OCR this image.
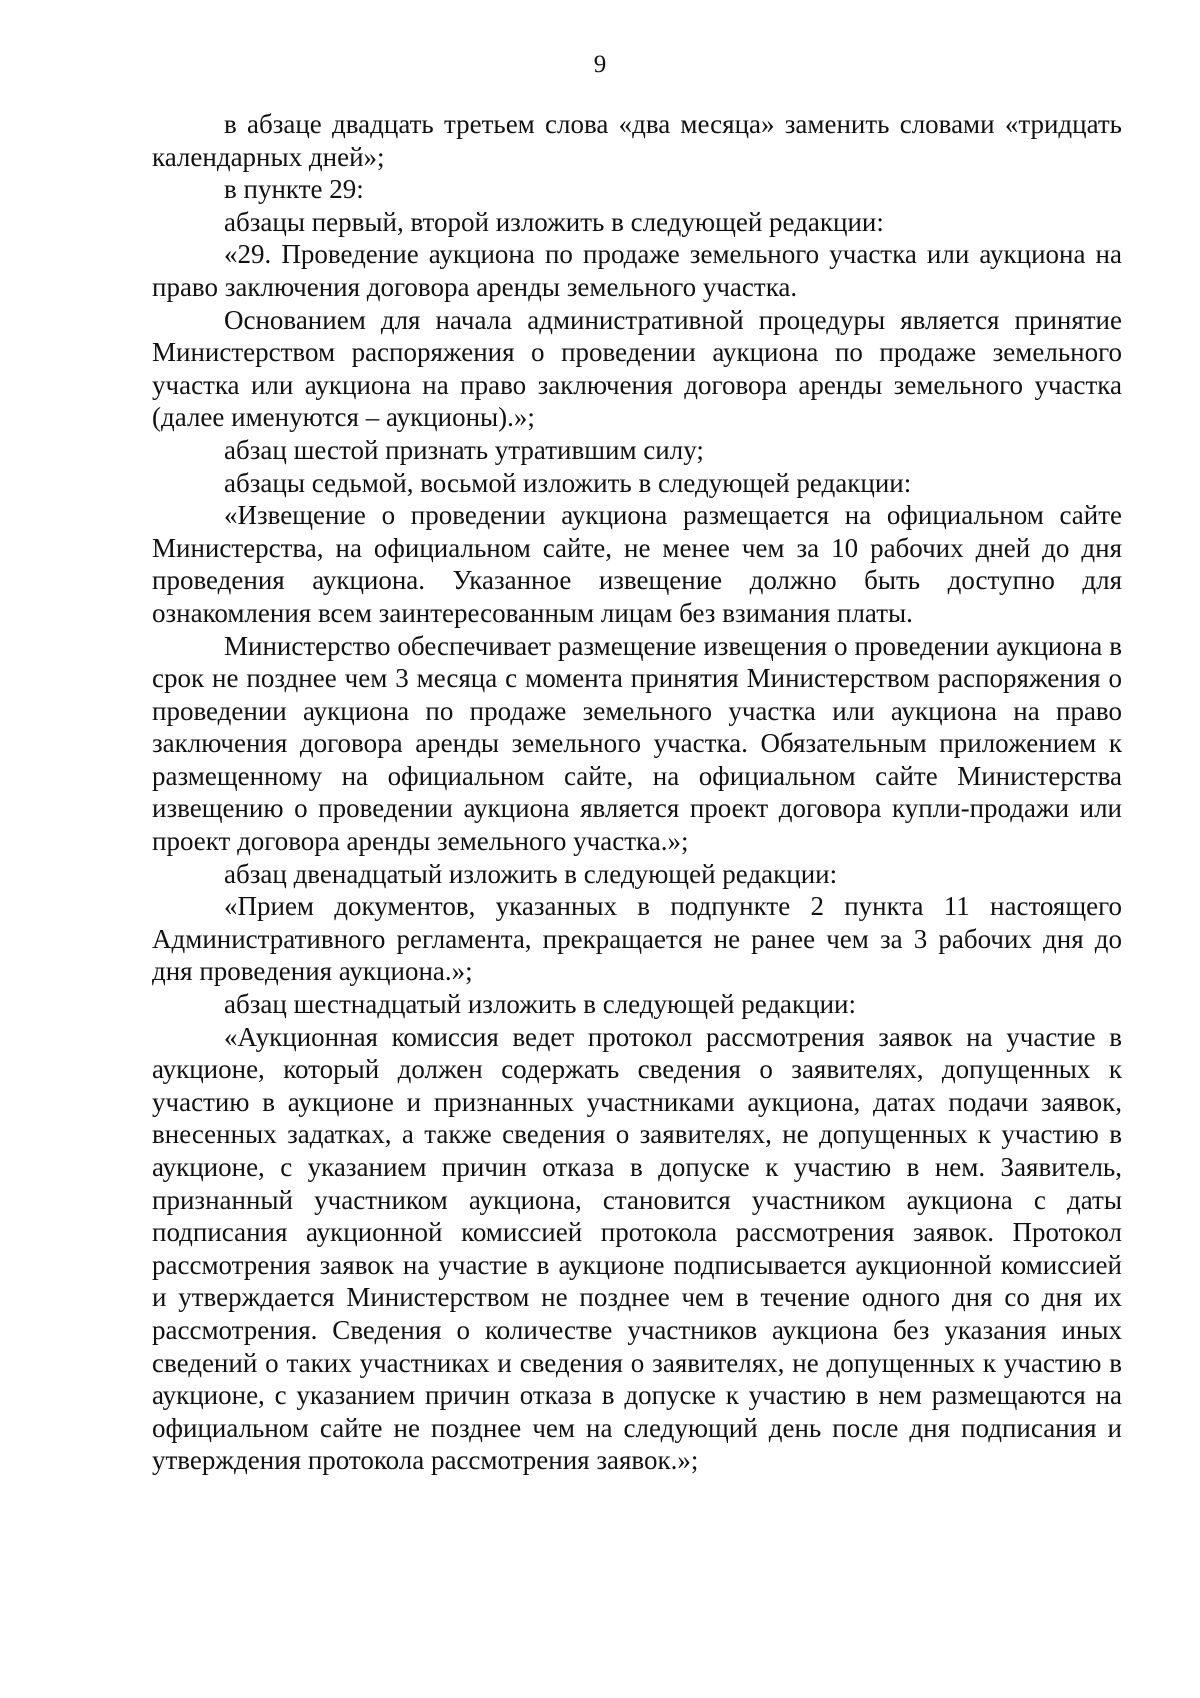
9

в абзаце двадцать третьем слова «два месяца» заменить словами «тридцать календарных дней»;

в пункте 29:

абзацы первый, второй изложить в следующей редакции:

«29. Проведение аукциона по продаже земельного участка или аукциона на право заключения договора аренды земельного участка.

Основанием для начала административной процедуры является принятие Министерством распоряжения о проведении аукциона по продаже земельного участка или аукциона на право заключения договора аренды земельного участка (далее именуются – аукционы).»;

абзац шестой признать утратившим силу;

абзацы седьмой, восьмой изложить в следующей редакции:

«Извещение о проведении аукциона размещается на официальном сайте Министерства, на официальном сайте, не менее чем за 10 рабочих дней до дня проведения аукциона. Указанное извещение должно быть доступно для ознакомления всем заинтересованным лицам без взимания платы.

Министерство обеспечивает размещение извещения о проведении аукциона в срок не позднее чем 3 месяца с момента принятия Министерством распоряжения о проведении аукциона по продаже земельного участка или аукциона на право заключения договора аренды земельного участка. Обязательным приложением к размещенному на официальном сайте, на официальном сайте Министерства извещению о проведении аукциона является проект договора купли-продажи или проект договора аренды земельного участка.»;

абзац двенадцатый изложить в следующей редакции:

«Прием документов, указанных в подпункте 2 пункта 11 настоящего Административного регламента, прекращается не ранее чем за 3 рабочих дня до дня проведения аукциона.»;

абзац шестнадцатый изложить в следующей редакции:

«Аукционная комиссия ведет протокол рассмотрения заявок на участие в аукционе, который должен содержать сведения о заявителях, допущенных к участию в аукционе и признанных участниками аукциона, датах подачи заявок, внесенных задатках, а также сведения о заявителях, не допущенных к участию в аукционе, с указанием причин отказа в допуске к участию в нем. Заявитель, признанный участником аукциона, становится участником аукциона с даты подписания аукционной комиссией протокола рассмотрения заявок. Протокол рассмотрения заявок на участие в аукционе подписывается аукционной комиссией и утверждается Министерством не позднее чем в течение одного дня со дня их рассмотрения. Сведения о количестве участников аукциона без указания иных сведений о таких участниках и сведения о заявителях, не допущенных к участию в аукционе, с указанием причин отказа в допуске к участию в нем размещаются на официальном сайте не позднее чем на следующий день после дня подписания и утверждения протокола рассмотрения заявок.»;
